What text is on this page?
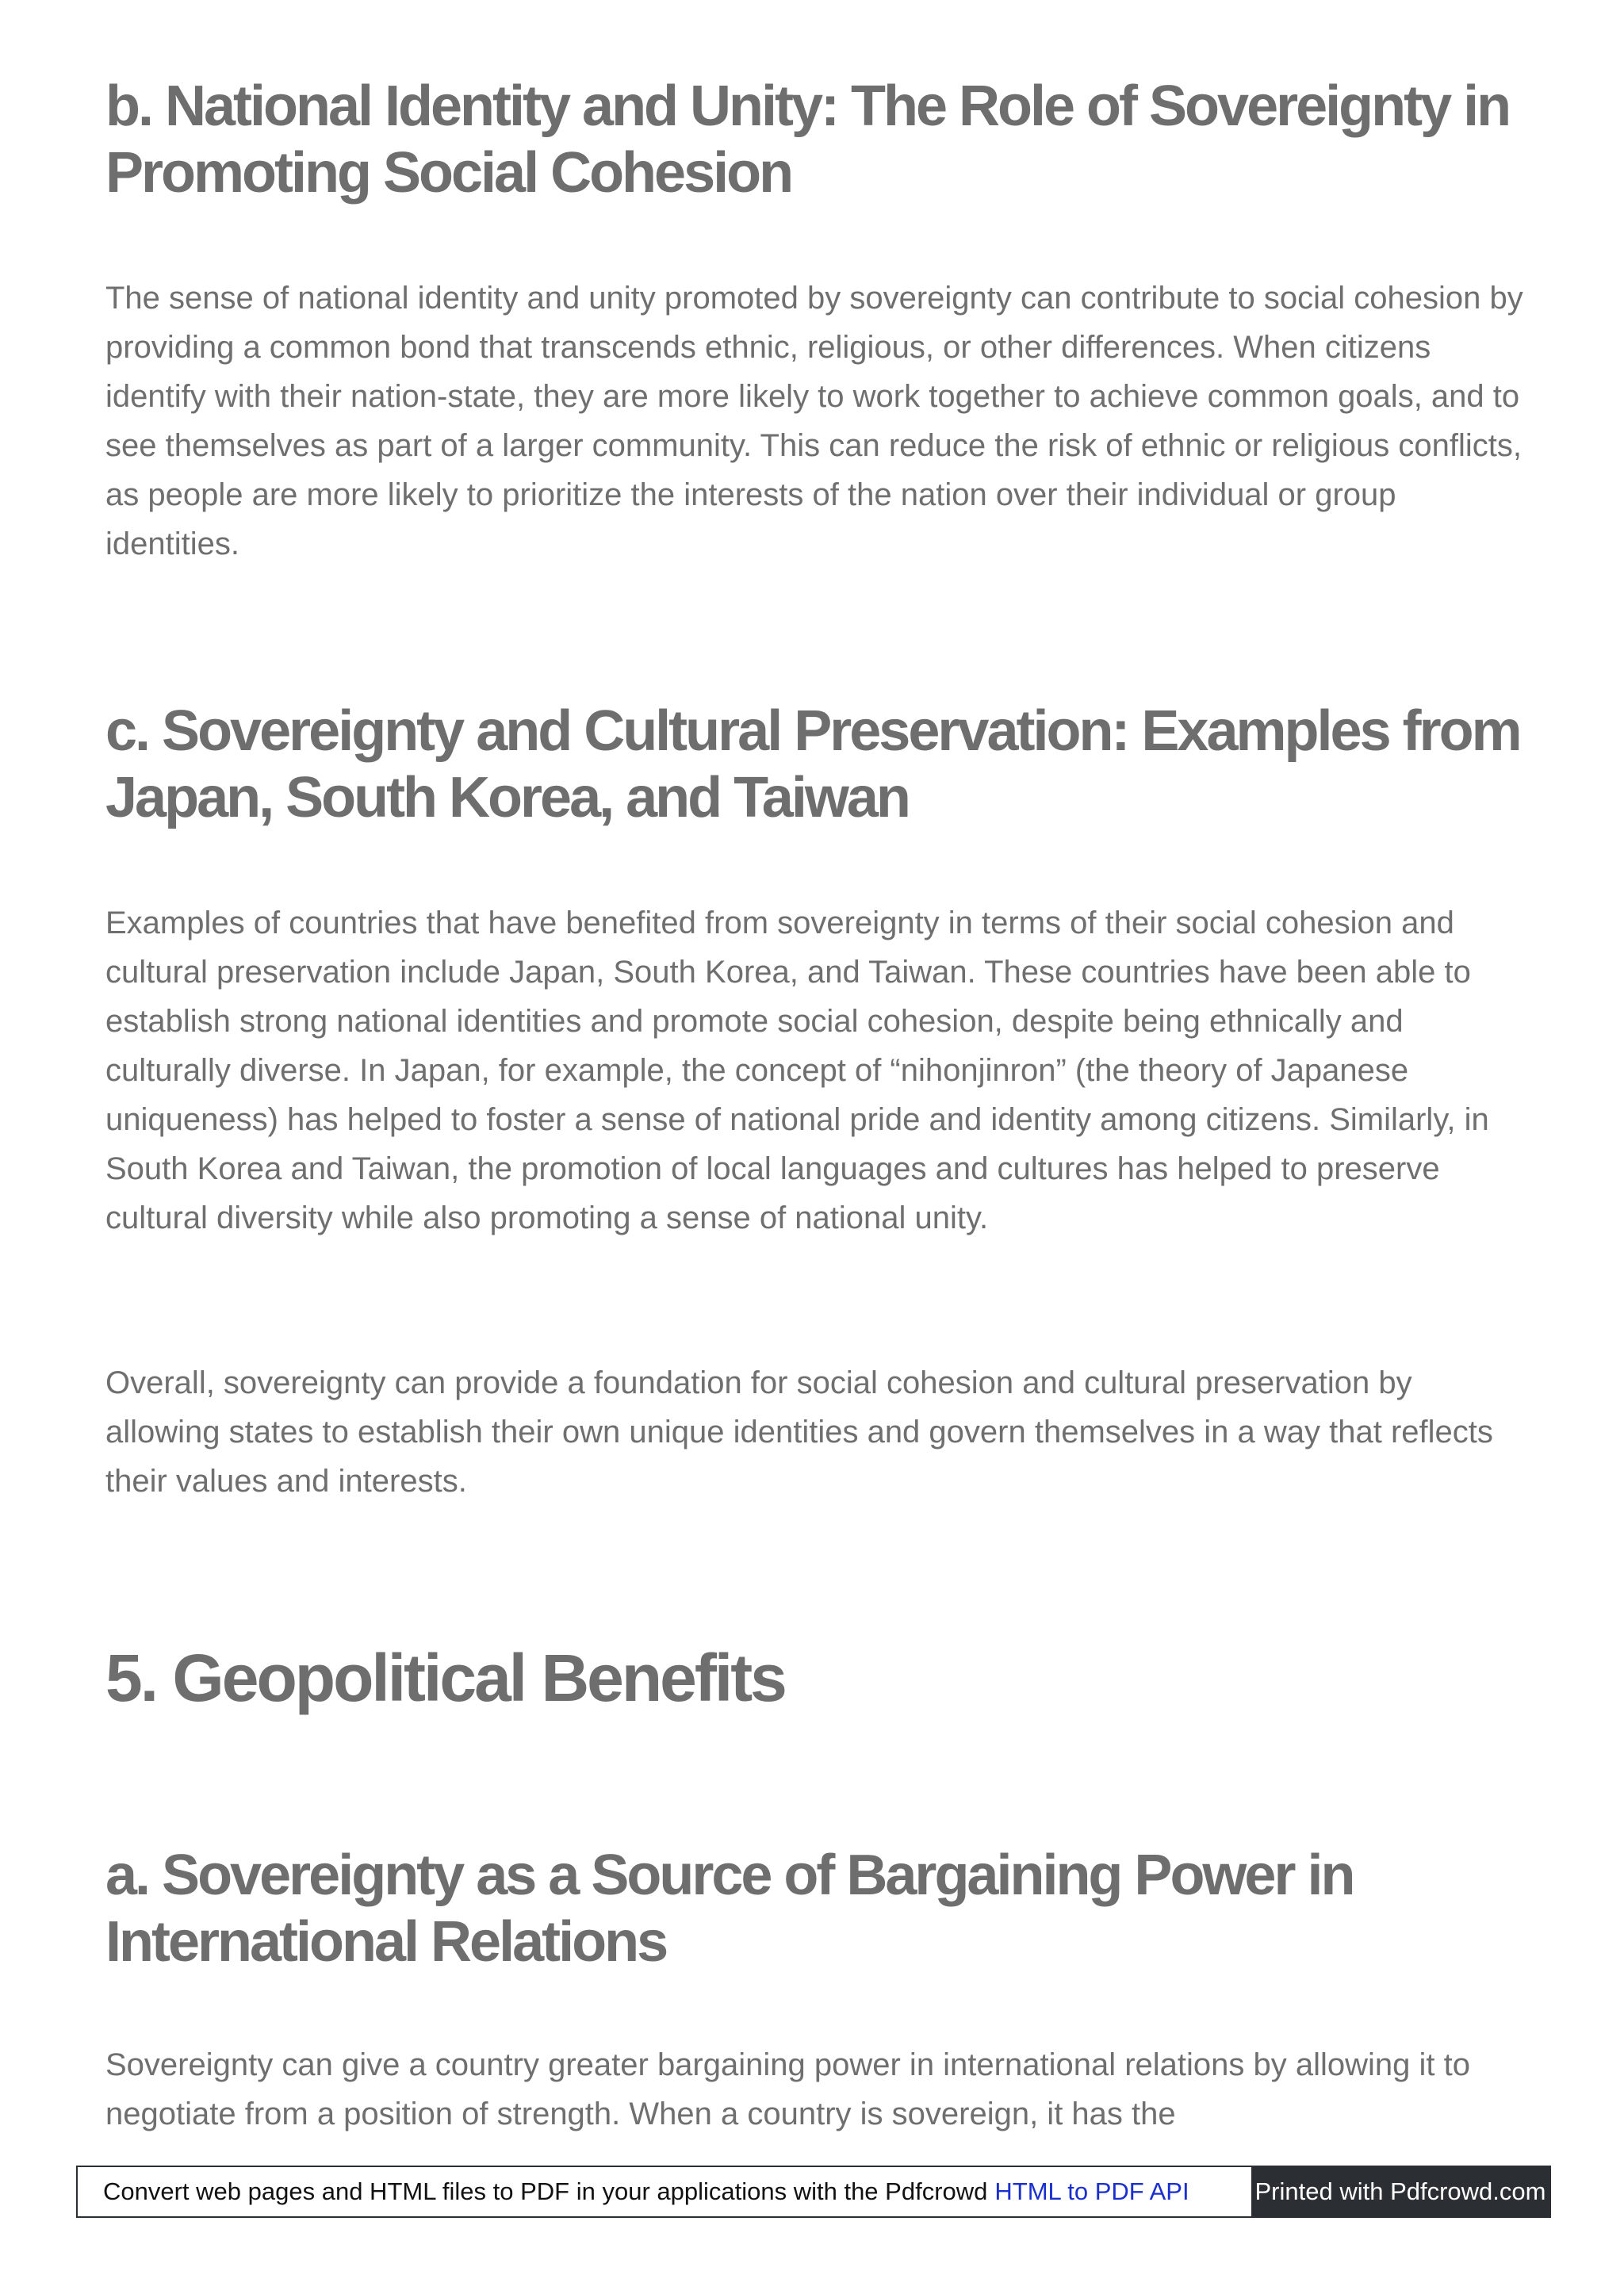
b. National Identity and Unity: The Role of Sovereignty in Promoting Social Cohesion

The sense of national identity and unity promoted by sovereignty can contribute to social cohesion by providing a common bond that transcends ethnic, religious, or other differences. When citizens identify with their nation-state, they are more likely to work together to achieve common goals, and to see themselves as part of a larger community. This can reduce the risk of ethnic or religious conflicts, as people are more likely to prioritize the interests of the nation over their individual or group identities.

c. Sovereignty and Cultural Preservation: Examples from Japan, South Korea, and Taiwan

Examples of countries that have benefited from sovereignty in terms of their social cohesion and cultural preservation include Japan, South Korea, and Taiwan. These countries have been able to establish strong national identities and promote social cohesion, despite being ethnically and culturally diverse. In Japan, for example, the concept of “nihonjinron” (the theory of Japanese uniqueness) has helped to foster a sense of national pride and identity among citizens. Similarly, in South Korea and Taiwan, the promotion of local languages and cultures has helped to preserve cultural diversity while also promoting a sense of national unity.

Overall, sovereignty can provide a foundation for social cohesion and cultural preservation by allowing states to establish their own unique identities and govern themselves in a way that reflects their values and interests.

5. Geopolitical Benefits
a. Sovereignty as a Source of Bargaining Power in International Relations

Sovereignty can give a country greater bargaining power in international relations by allowing it to negotiate from a position of strength. When a country is sovereign, it has the

Convert web pages and HTML files to PDF in your applications with the Pdfcrowd HTML to PDF API	Printed with Pdfcrowd.com
